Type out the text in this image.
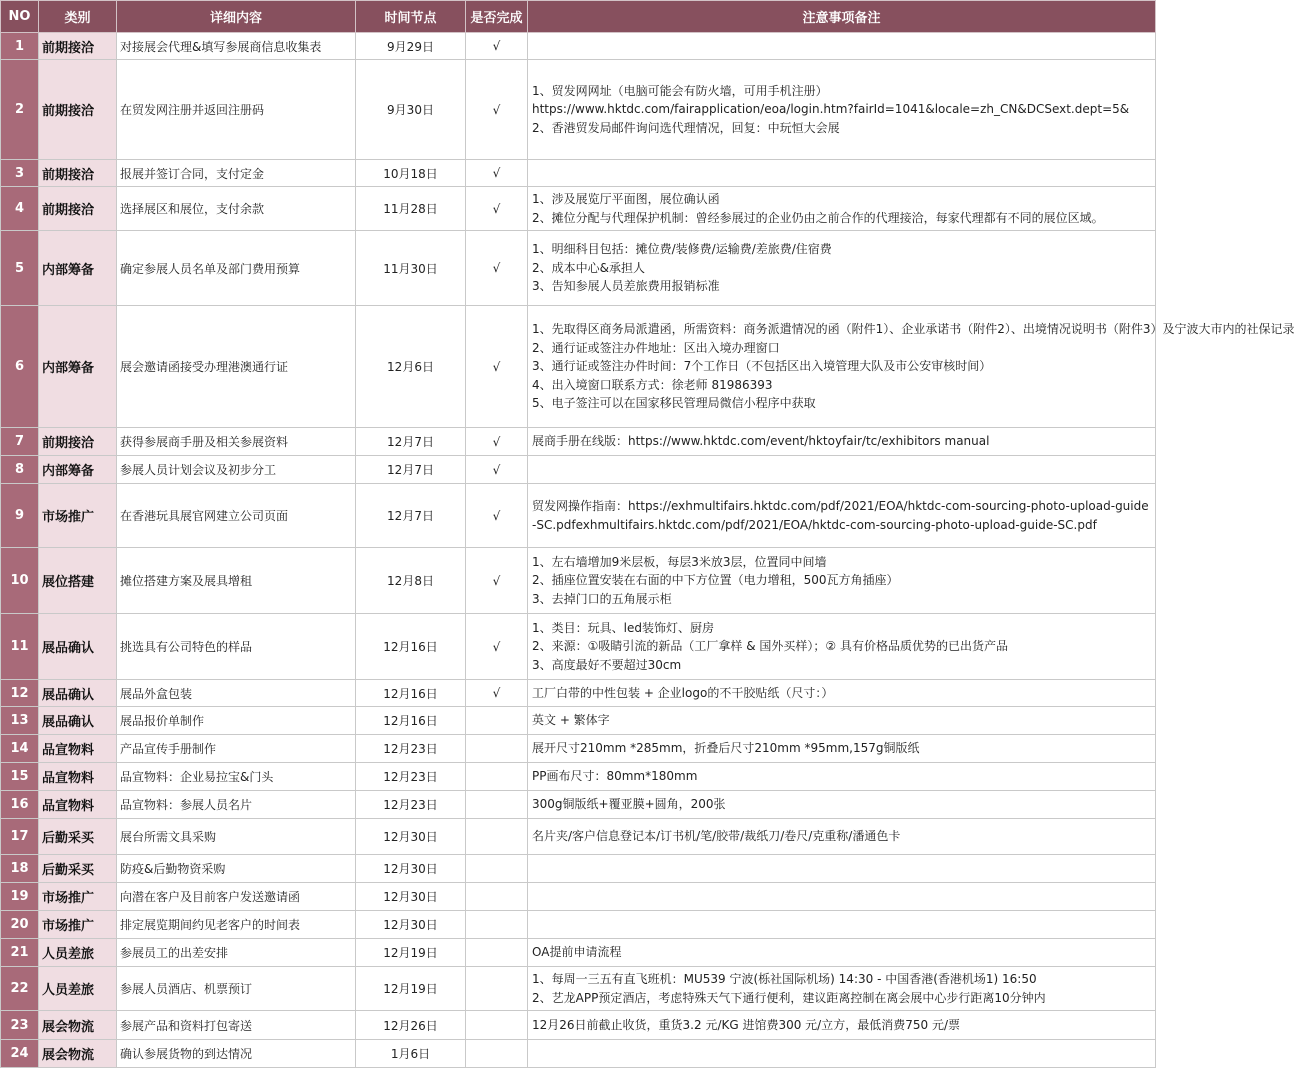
NO	类别	详细内容	时间节点	是否完成	注意事项备注
1	前期接洽	对接展会代理&填写参展商信息收集表	9月29日	√	
2	前期接洽	在贸发网注册并返回注册码	9月30日	√	1、贸发网网址（电脑可能会有防火墙，可用手机注册）
https://www.hktdc.com/fairapplication/eoa/login.htm?fairId=1041&locale=zh_CN&DCSext.dept=5&
2、香港贸发局邮件询问选代理情况，回复：中玩恒大会展

3	前期接洽	报展并签订合同，支付定金	10月18日	√	
4	前期接洽	选择展区和展位，支付余款	11月28日	√	1、涉及展览厅平面图，展位确认函
2、摊位分配与代理保护机制：曾经参展过的企业仍由之前合作的代理接洽，每家代理都有不同的展位区域。

5	内部筹备	确定参展人员名单及部门费用预算	11月30日	√	1、明细科目包括：摊位费/装修费/运输费/差旅费/住宿费
2、成本中心&承担人
3、告知参展人员差旅费用报销标准

6	内部筹备	展会邀请函接受办理港澳通行证	12月6日	√	1、先取得区商务局派遣函，所需资料：商务派遣情况的函（附件1）、企业承诺书（附件2）、出境情况说明书（附件3）及宁波大市内的社保记录
2、通行证或签注办件地址：区出入境办理窗口
3、通行证或签注办件时间：7个工作日（不包括区出入境管理大队及市公安审核时间）
4、出入境窗口联系方式：徐老师 81986393
5、电子签注可以在国家移民管理局微信小程序中获取

7	前期接洽	获得参展商手册及相关参展资料	12月7日	√	展商手册在线版：https://www.hktdc.com/event/hktoyfair/tc/exhibitors manual

8	内部筹备	参展人员计划会议及初步分工	12月7日	√	
9	市场推广	在香港玩具展官网建立公司页面	12月7日	√	贸发网操作指南：https://exhmultifairs.hktdc.com/pdf/2021/EOA/hktdc-com-sourcing-photo-upload-guide-SC.pdfexhmultifairs.hktdc.com/pdf/2021/EOA/hktdc-com-sourcing-photo-upload-guide-SC.pdf

10	展位搭建	摊位搭建方案及展具增租	12月8日	√	1、左右墙增加9米层板，每层3米放3层，位置同中间墙
2、插座位置安装在右面的中下方位置（电力增租，500瓦方角插座）
3、去掉门口的五角展示柜

11	展品确认	挑选具有公司特色的样品	12月16日	√	1、类目：玩具、led装饰灯、厨房
2、来源：①吸睛引流的新品（工厂拿样 & 国外买样）；② 具有价格品质优势的已出货产品
3、高度最好不要超过30cm

12	展品确认	展品外盒包装	12月16日	√	工厂白带的中性包装 + 企业logo的不干胶贴纸（尺寸：）

13	展品确认	展品报价单制作	12月16日		英文 + 繁体字

14	品宣物料	产品宣传手册制作	12月23日		展开尺寸210mm *285mm，折叠后尺寸210mm *95mm,157g铜版纸

15	品宣物料	品宣物料：企业易拉宝&门头	12月23日		PP画布尺寸：80mm*180mm

16	品宣物料	品宣物料：参展人员名片	12月23日		300g铜版纸+覆亚膜+圆角，200张

17	后勤采买	展台所需文具采购	12月30日		名片夹/客户信息登记本/订书机/笔/胶带/裁纸刀/卷尺/克重称/潘通色卡

18	后勤采买	防疫&后勤物资采购	12月30日		
19	市场推广	向潜在客户及目前客户发送邀请函	12月30日		
20	市场推广	排定展览期间约见老客户的时间表	12月30日		
21	人员差旅	参展员工的出差安排	12月19日		OA提前申请流程

22	人员差旅	参展人员酒店、机票预订	12月19日		1、每周一三五有直飞班机：MU539 宁波(栎社国际机场) 14:30 - 中国香港(香港机场1) 16:50
2、艺龙APP预定酒店，考虑特殊天气下通行便利，建议距离控制在离会展中心步行距离10分钟内

23	展会物流	参展产品和资料打包寄送	12月26日		12月26日前截止收货，重货3.2 元/KG 进馆费300 元/立方，最低消费750 元/票

24	展会物流	确认参展货物的到达情况	1月6日		
